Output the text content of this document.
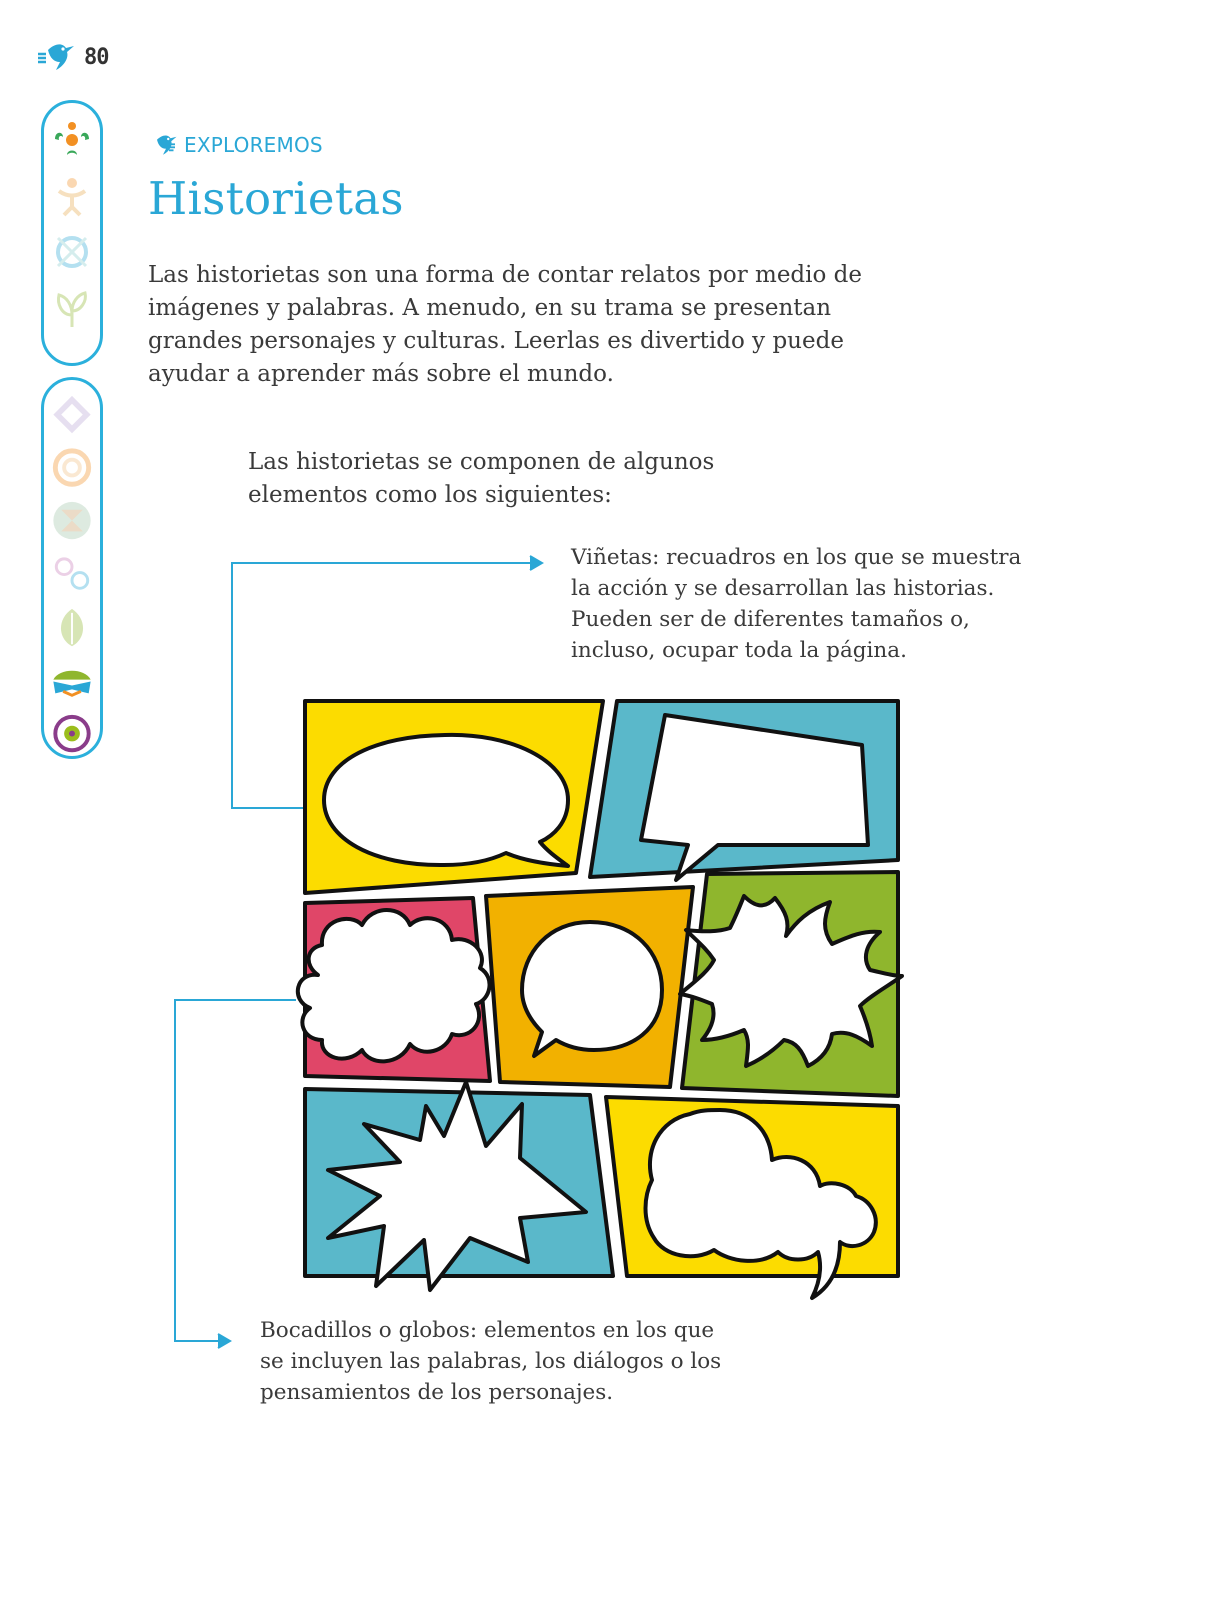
80
EXPLOREMOS
Historietas
Las historietas son una forma de contar relatos por medio de
imágenes y palabras. A menudo, en su trama se presentan
grandes personajes y culturas. Leerlas es divertido y puede
ayudar a aprender más sobre el mundo.
Las historietas se componen de algunos
elementos como los siguientes:
Viñetas: recuadros en los que se muestra
la acción y se desarrollan las historias.
Pueden ser de diferentes tamaños o,
incluso, ocupar toda la página.
Bocadillos o globos: elementos en los que
se incluyen las palabras, los diálogos o los
pensamientos de los personajes.
